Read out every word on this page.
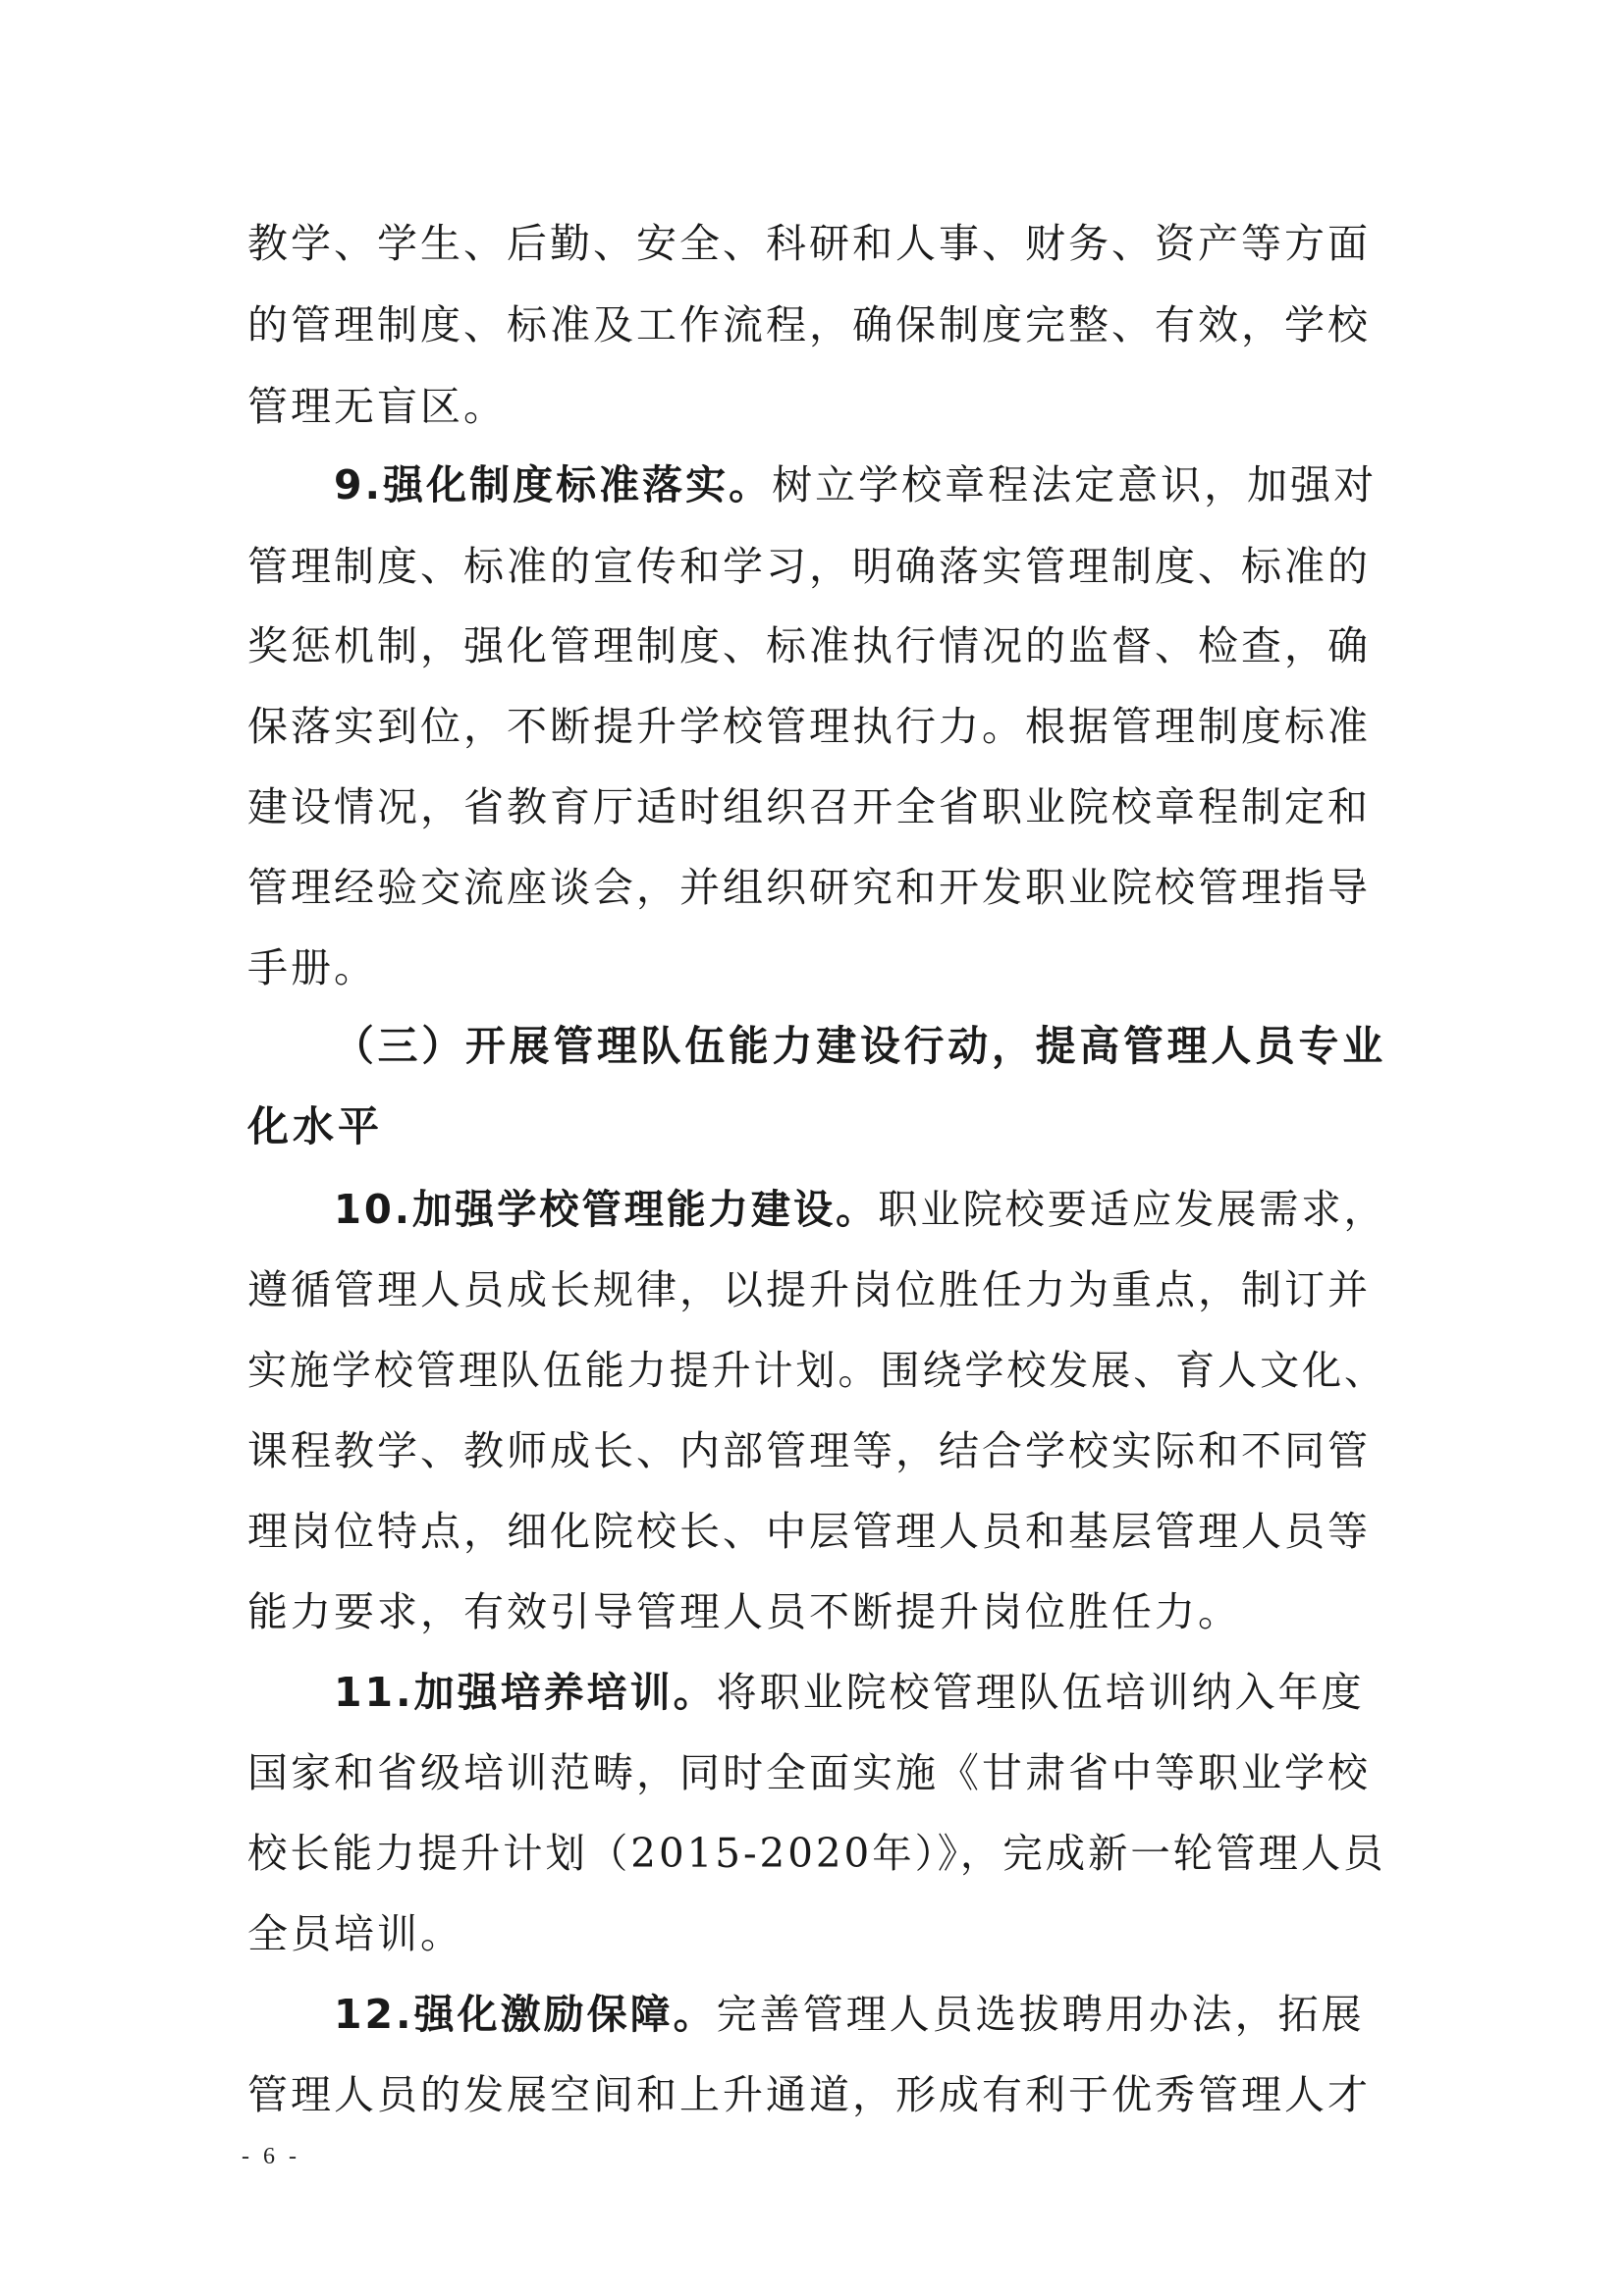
教学、学生、后勤、安全、科研和人事、财务、资产等方面
的管理制度、标准及工作流程，确保制度完整、有效，学校
管理无盲区。
9.强化制度标准落实。树立学校章程法定意识，加强对
管理制度、标准的宣传和学习，明确落实管理制度、标准的
奖惩机制，强化管理制度、标准执行情况的监督、检查，确
保落实到位，不断提升学校管理执行力。根据管理制度标准
建设情况，省教育厅适时组织召开全省职业院校章程制定和
管理经验交流座谈会，并组织研究和开发职业院校管理指导
手册。
（三）开展管理队伍能力建设行动，提高管理人员专业
化水平
10.加强学校管理能力建设。职业院校要适应发展需求，
遵循管理人员成长规律，以提升岗位胜任力为重点，制订并
实施学校管理队伍能力提升计划。围绕学校发展、育人文化、
课程教学、教师成长、内部管理等，结合学校实际和不同管
理岗位特点，细化院校长、中层管理人员和基层管理人员等
能力要求，有效引导管理人员不断提升岗位胜任力。
11.加强培养培训。将职业院校管理队伍培训纳入年度
国家和省级培训范畴，同时全面实施《甘肃省中等职业学校
校长能力提升计划（2015-2020年）》，完成新一轮管理人员
全员培训。
12.强化激励保障。完善管理人员选拔聘用办法，拓展
管理人员的发展空间和上升通道，形成有利于优秀管理人才
- 6 -
